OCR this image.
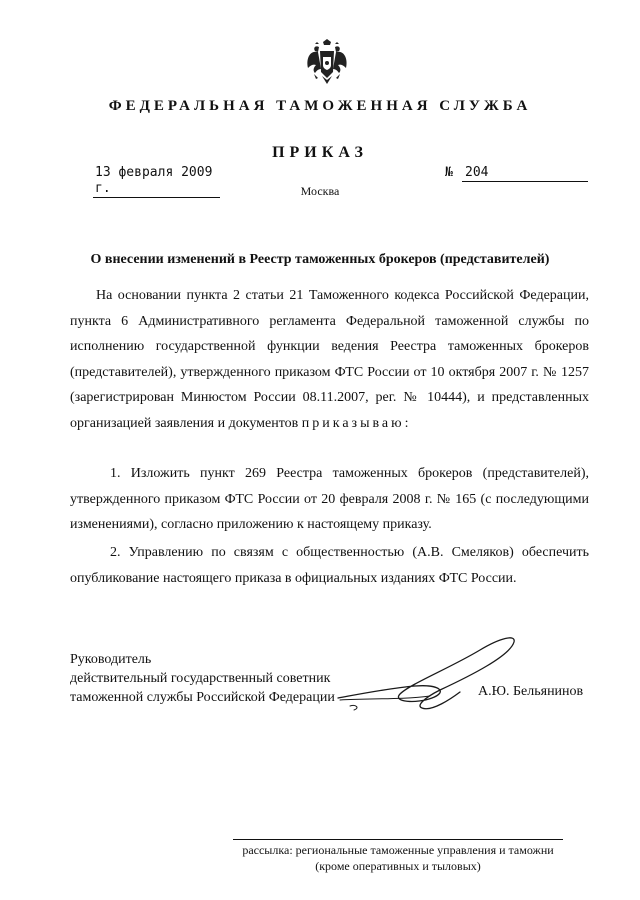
ФЕДЕРАЛЬНАЯ ТАМОЖЕННАЯ СЛУЖБА
ПРИКАЗ
13 февраля 2009 г.
№ 204
Москва
О внесении изменений в Реестр таможенных брокеров (представителей)

На основании пункта 2 статьи 21 Таможенного кодекса Российской Федерации, пункта 6 Административного регламента Федеральной таможенной службы по исполнению государственной функции ведения Реестра таможенных брокеров (представителей), утвержденного приказом ФТС России от 10 октября 2007 г. № 1257 (зарегистрирован Минюстом России 08.11.2007, рег. № 10444), и представленных организацией заявления и документов приказываю:

1. Изложить пункт 269 Реестра таможенных брокеров (представителей), утвержденного приказом ФТС России от 20 февраля 2008 г. № 165 (с последующими изменениями), согласно приложению к настоящему приказу.

2. Управлению по связям с общественностью (А.В. Смеляков) обеспечить опубликование настоящего приказа в официальных изданиях ФТС России.

Руководитель
действительный государственный советник
таможенной службы Российской Федерации	А.Ю. Бельянинов
рассылка: региональные таможенные управления и таможни
(кроме оперативных и тыловых)
